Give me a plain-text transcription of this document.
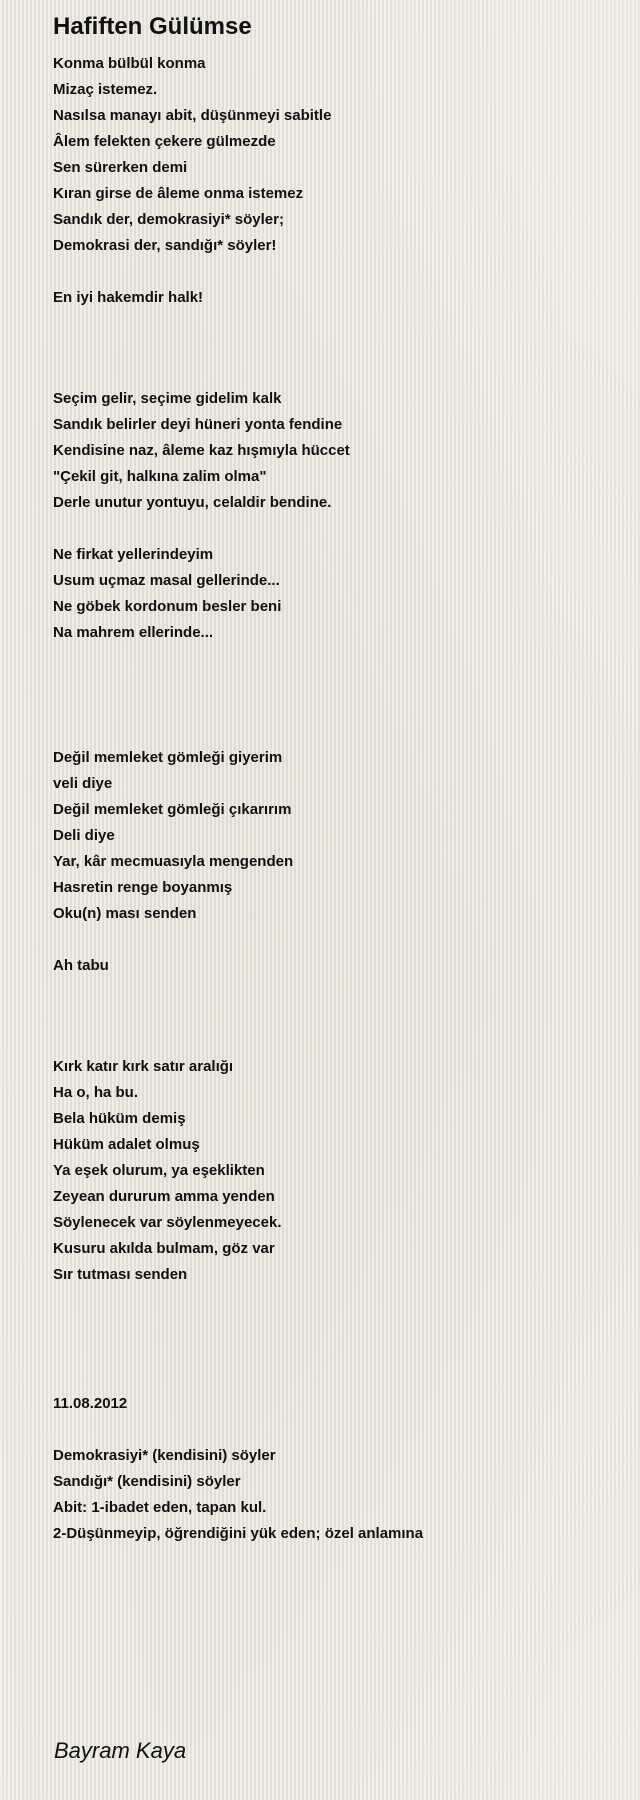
Hafiften Gülümse
Konma bülbül konma
Mizaç istemez.
Nasılsa manayı abit, düşünmeyi sabitle
Âlem felekten çekere gülmezde
Sen sürerken demi
Kıran girse de âleme onma istemez
Sandık der, demokrasiyi* söyler;
Demokrasi der, sandığı* söyler!
En iyi hakemdir halk!
Seçim gelir, seçime gidelim kalk
Sandık belirler deyi hüneri yonta fendine
Kendisine naz, âleme kaz hışmıyla hüccet
"Çekil git, halkına zalim olma"
Derle unutur yontuyu, celaldir bendine.
Ne firkat yellerindeyim
Usum uçmaz masal gellerinde...
Ne göbek kordonum besler beni
Na mahrem ellerinde...
Değil memleket gömleği giyerim
veli diye
Değil memleket gömleği çıkarırım
Deli diye
Yar, kâr mecmuasıyla mengenden
Hasretin renge boyanmış
Oku(n) ması senden
Ah tabu
Kırk katır kırk satır aralığı
Ha o, ha bu.
Bela hüküm demiş
Hüküm adalet olmuş
Ya eşek olurum, ya eşeklikten
Zeyean dururum amma yenden
Söylenecek var söylenmeyecek.
Kusuru akılda bulmam, göz var
Sır tutması senden
11.08.2012
Demokrasiyi* (kendisini) söyler
Sandığı* (kendisini) söyler
Abit: 1-ibadet eden, tapan kul.
2-Düşünmeyip, öğrendiğini yük eden; özel anlamına
Bayram Kaya
